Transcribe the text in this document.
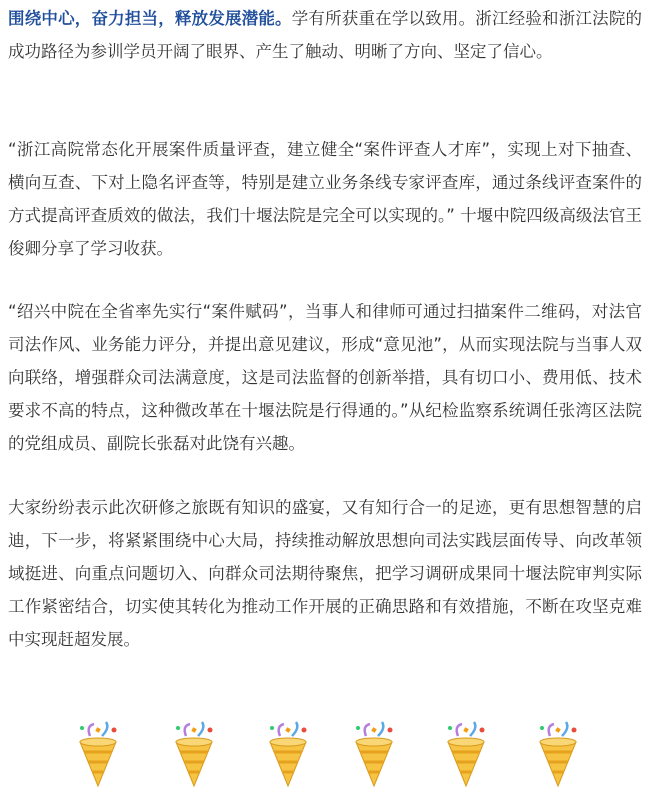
围绕中心，奋力担当，释放发展潜能。学有所获重在学以致用。浙江经验和浙江法院的成功路径为参训学员开阔了眼界、产生了触动、明晰了方向、坚定了信心。

“浙江高院常态化开展案件质量评查，建立健全“案件评查人才库”，实现上对下抽查、横向互查、下对上隐名评查等，特别是建立业务条线专家评查库，通过条线评查案件的方式提高评查质效的做法，我们十堰法院是完全可以实现的。” 十堰中院四级高级法官王俊卿分享了学习收获。

“绍兴中院在全省率先实行“案件赋码”，当事人和律师可通过扫描案件二维码，对法官司法作风、业务能力评分，并提出意见建议，形成“意见池”，从而实现法院与当事人双向联络，增强群众司法满意度，这是司法监督的创新举措，具有切口小、费用低、技术要求不高的特点，这种微改革在十堰法院是行得通的。”从纪检监察系统调任张湾区法院的党组成员、副院长张磊对此饶有兴趣。

大家纷纷表示此次研修之旅既有知识的盛宴，又有知行合一的足迹，更有思想智慧的启迪，下一步，将紧紧围绕中心大局，持续推动解放思想向司法实践层面传导、向改革领域挺进、向重点问题切入、向群众司法期待聚焦，把学习调研成果同十堰法院审判实际工作紧密结合，切实使其转化为推动工作开展的正确思路和有效措施，不断在攻坚克难中实现赶超发展。
